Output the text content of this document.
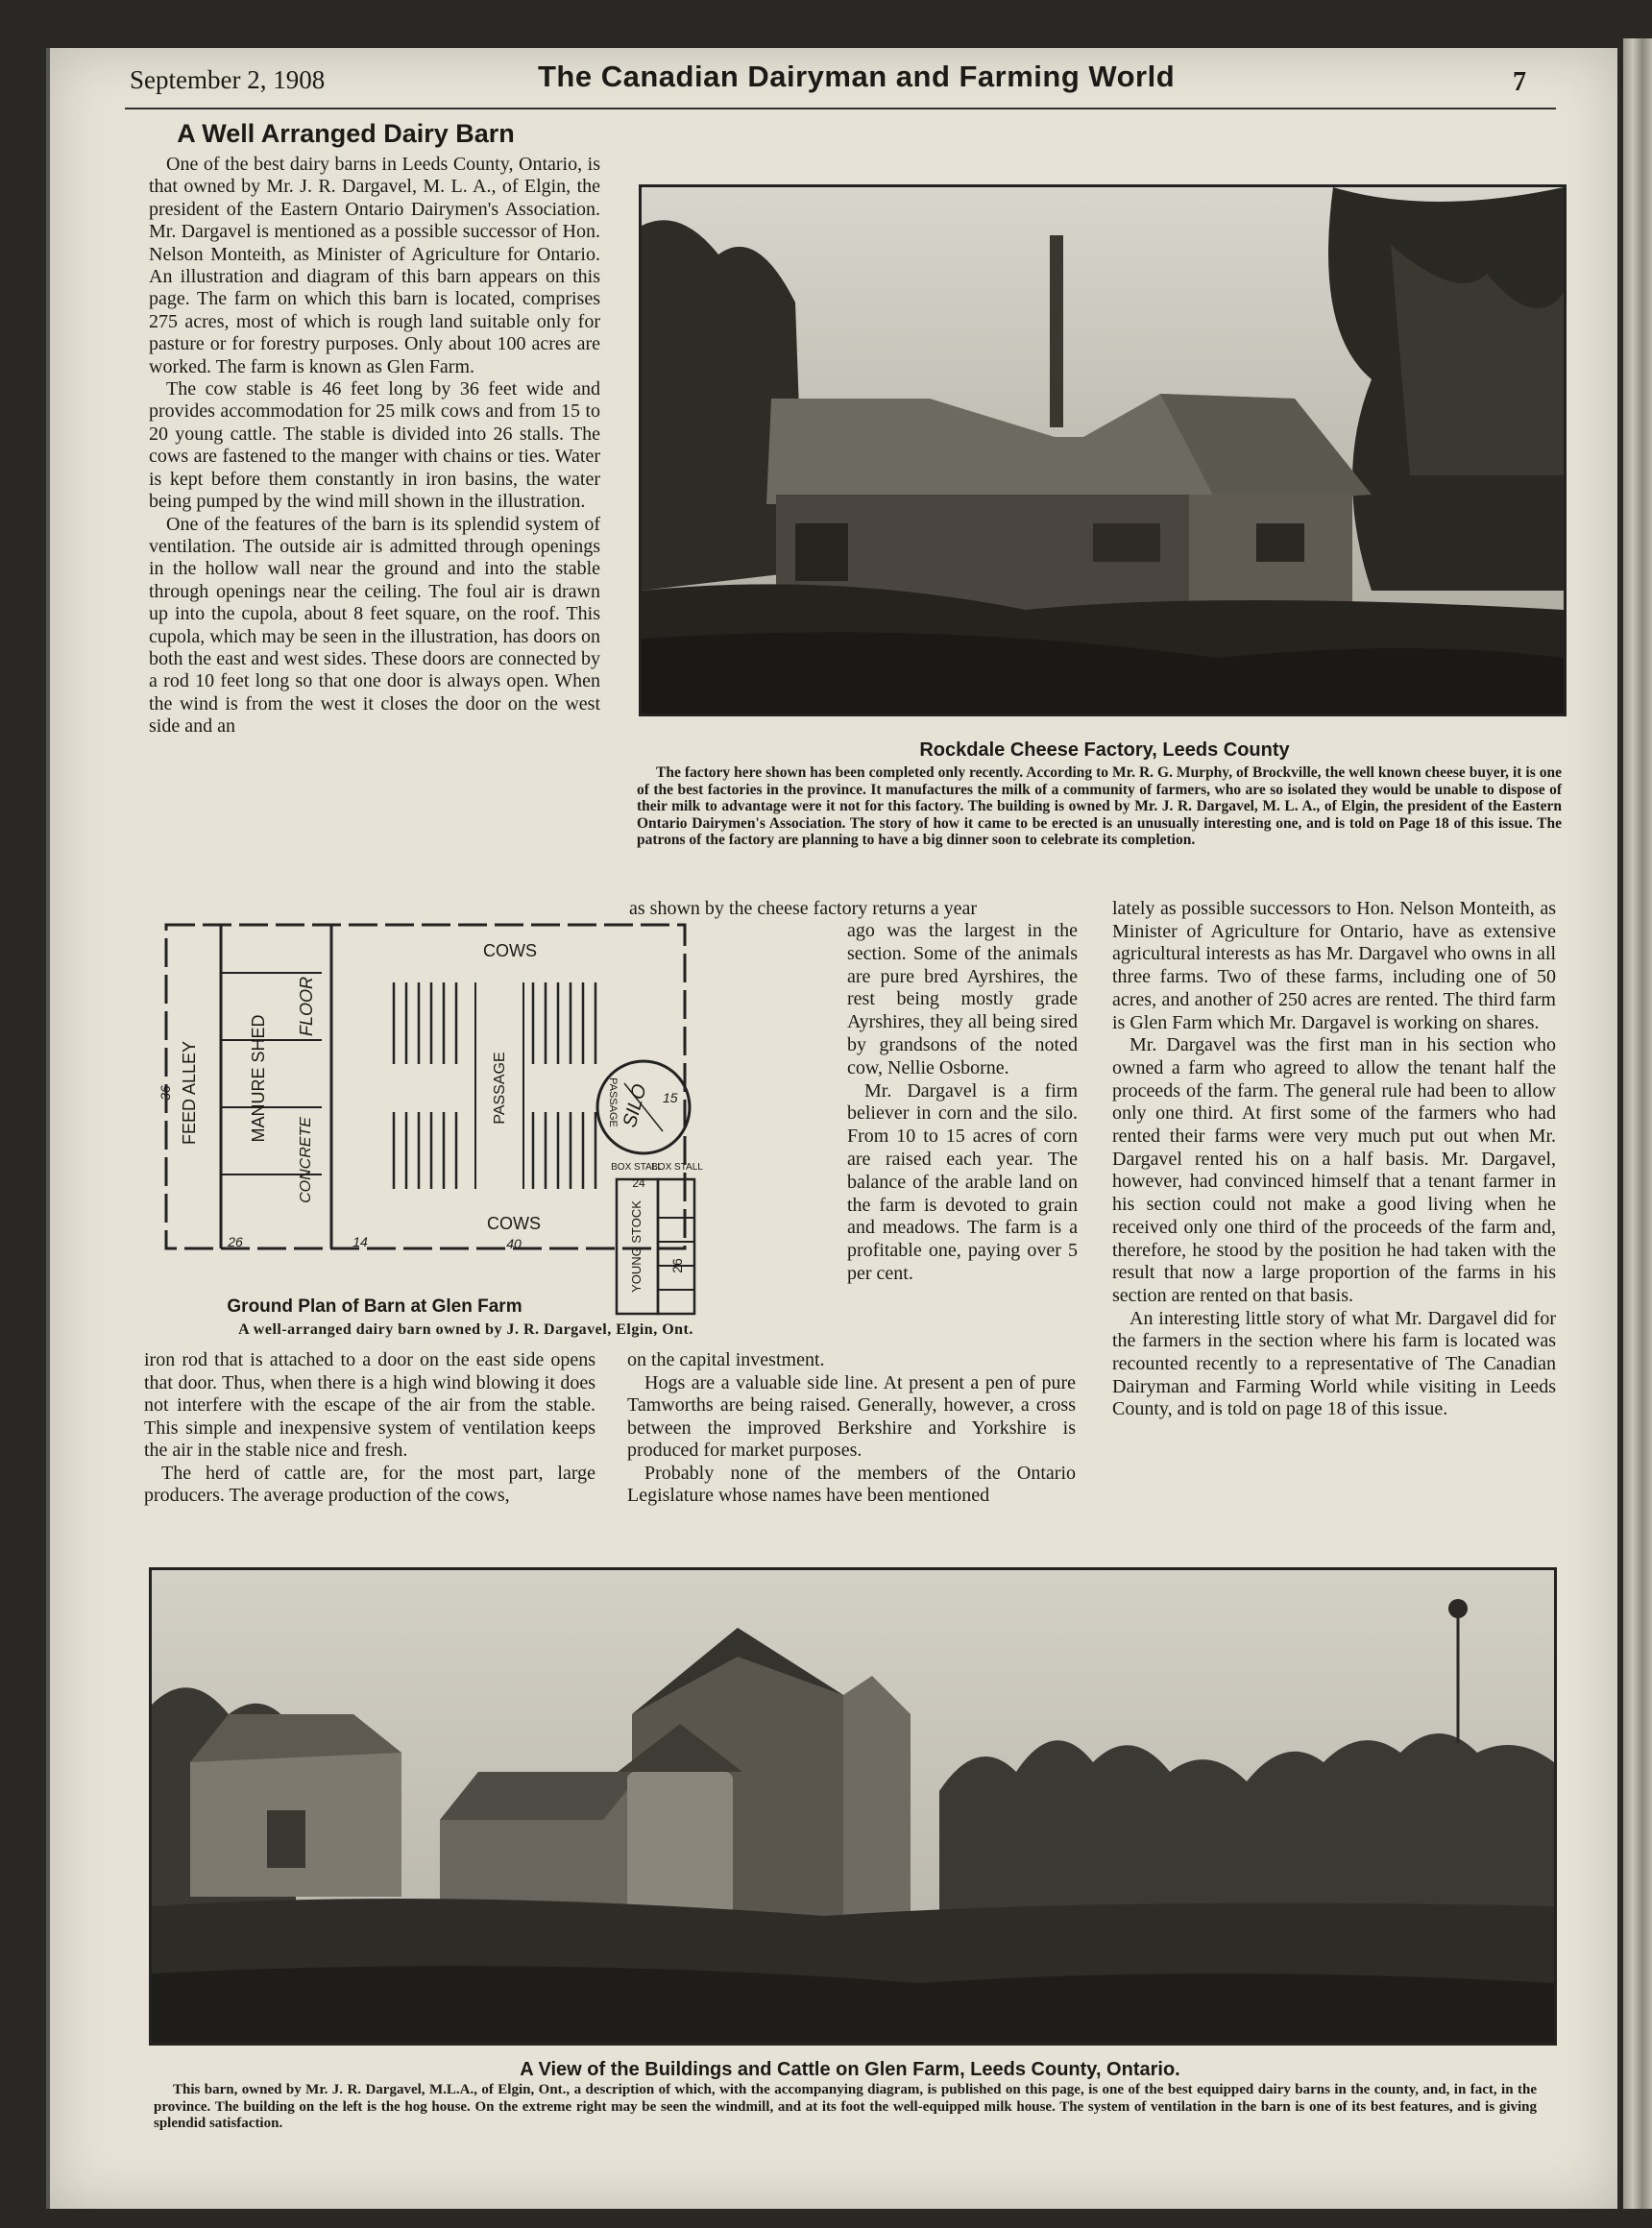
September 2, 1908	The Canadian Dairyman and Farming World	7
A Well Arranged Dairy Barn

One of the best dairy barns in Leeds County, Ontario, is that owned by Mr. J. R. Dargavel, M. L. A., of Elgin, the president of the Eastern Ontario Dairymen's Association. Mr. Dargavel is mentioned as a possible successor of Hon. Nelson Monteith, as Minister of Agriculture for Ontario. An illustration and diagram of this barn appears on this page. The farm on which this barn is located, comprises 275 acres, most of which is rough land suitable only for pasture or for forestry purposes. Only about 100 acres are worked. The farm is known as Glen Farm.

The cow stable is 46 feet long by 36 feet wide and provides accommodation for 25 milk cows and from 15 to 20 young cattle. The stable is divided into 26 stalls. The cows are fastened to the manger with chains or ties. Water is kept before them constantly in iron basins, the water being pumped by the wind mill shown in the illustration.

One of the features of the barn is its splendid system of ventilation. The outside air is admitted through openings in the hollow wall near the ground and into the stable through openings near the ceiling. The foul air is drawn up into the cupola, about 8 feet square, on the roof. This cupola, which may be seen in the illustration, has doors on both the east and west sides. These doors are connected by a rod 10 feet long so that one door is always open. When the wind is from the west it closes the door on the west side and an

Rockdale Cheese Factory, Leeds County

The factory here shown has been completed only recently. According to Mr. R. G. Murphy, of Brockville, the well known cheese buyer, it is one of the best factories in the province. It manufactures the milk of a community of farmers, who are so isolated they would be unable to dispose of their milk to advantage were it not for this factory. The building is owned by Mr. J. R. Dargavel, M. L. A., of Elgin, the president of the Eastern Ontario Dairymen's Association. The story of how it came to be erected is an unusually interesting one, and is told on Page 18 of this issue. The patrons of the factory are planning to have a big dinner soon to celebrate its completion.

as shown by the cheese factory returns a year

ago was the largest in the section. Some of the animals are pure bred Ayrshires, the rest being mostly grade Ayrshires, they all being sired by grandsons of the noted cow, Nellie Osborne.

Mr. Dargavel is a firm believer in corn and the silo. From 10 to 15 acres of corn are raised each year. The balance of the arable land on the farm is devoted to grain and meadows. The farm is a profitable one, paying over 5 per cent.

lately as possible successors to Hon. Nelson Monteith, as Minister of Agriculture for Ontario, have as extensive agricultural interests as has Mr. Dargavel who owns in all three farms. Two of these farms, including one of 50 acres, and another of 250 acres are rented. The third farm is Glen Farm which Mr. Dargavel is working on shares.

Mr. Dargavel was the first man in his section who owned a farm who agreed to allow the tenant half the proceeds of the farm. The general rule had been to allow only one third. At first some of the farmers who had rented their farms were very much put out when Mr. Dargavel rented his on a half basis. Mr. Dargavel, however, had convinced himself that a tenant farmer in his section could not make a good living when he received only one third of the proceeds of the farm and, therefore, he stood by the position he had taken with the result that now a large proportion of the farms in his section are rented on that basis.

An interesting little story of what Mr. Dargavel did for the farmers in the section where his farm is located was recounted recently to a representative of The Canadian Dairyman and Farming World while visiting in Leeds County, and is told on page 18 of this issue.

COWS
COWS
FEED ALLEY	MANURE SHED
FLOOR
CONCRETE
PASSAGE	PASSAGE SILO 15
BOX STALL
BOX STALL
YOUNG STOCK
36
26	14	40
26
24
Ground Plan of Barn at Glen Farm
A well-arranged dairy barn owned by J. R. Dargavel, Elgin, Ont.

iron rod that is attached to a door on the east side opens that door. Thus, when there is a high wind blowing it does not interfere with the escape of the air from the stable. This simple and inexpensive system of ventilation keeps the air in the stable nice and fresh.

The herd of cattle are, for the most part, large producers. The average production of the cows,

on the capital investment.

Hogs are a valuable side line. At present a pen of pure Tamworths are being raised. Generally, however, a cross between the improved Berkshire and Yorkshire is produced for market purposes.

Probably none of the members of the Ontario Legislature whose names have been mentioned

A View of the Buildings and Cattle on Glen Farm, Leeds County, Ontario.

This barn, owned by Mr. J. R. Dargavel, M.L.A., of Elgin, Ont., a description of which, with the accompanying diagram, is published on this page, is one of the best equipped dairy barns in the county, and, in fact, in the province. The building on the left is the hog house. On the extreme right may be seen the windmill, and at its foot the well-equipped milk house. The system of ventilation in the barn is one of its best features, and is giving splendid satisfaction.
